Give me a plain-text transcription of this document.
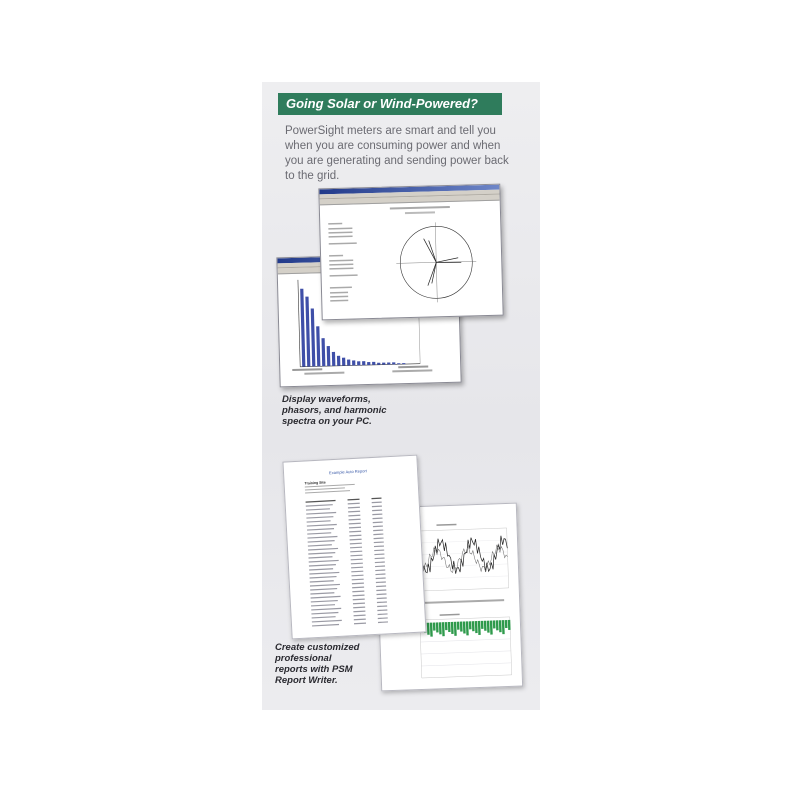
Going Solar or Wind-Powered?
PowerSight meters are smart and tell you when you are consuming power and when you are generating and sending power back to the grid.
Display waveforms,
phasors, and harmonic
spectra on your PC.
Example Auto Report
Training Site
Create customized
professional
reports with PSM
Report Writer.
